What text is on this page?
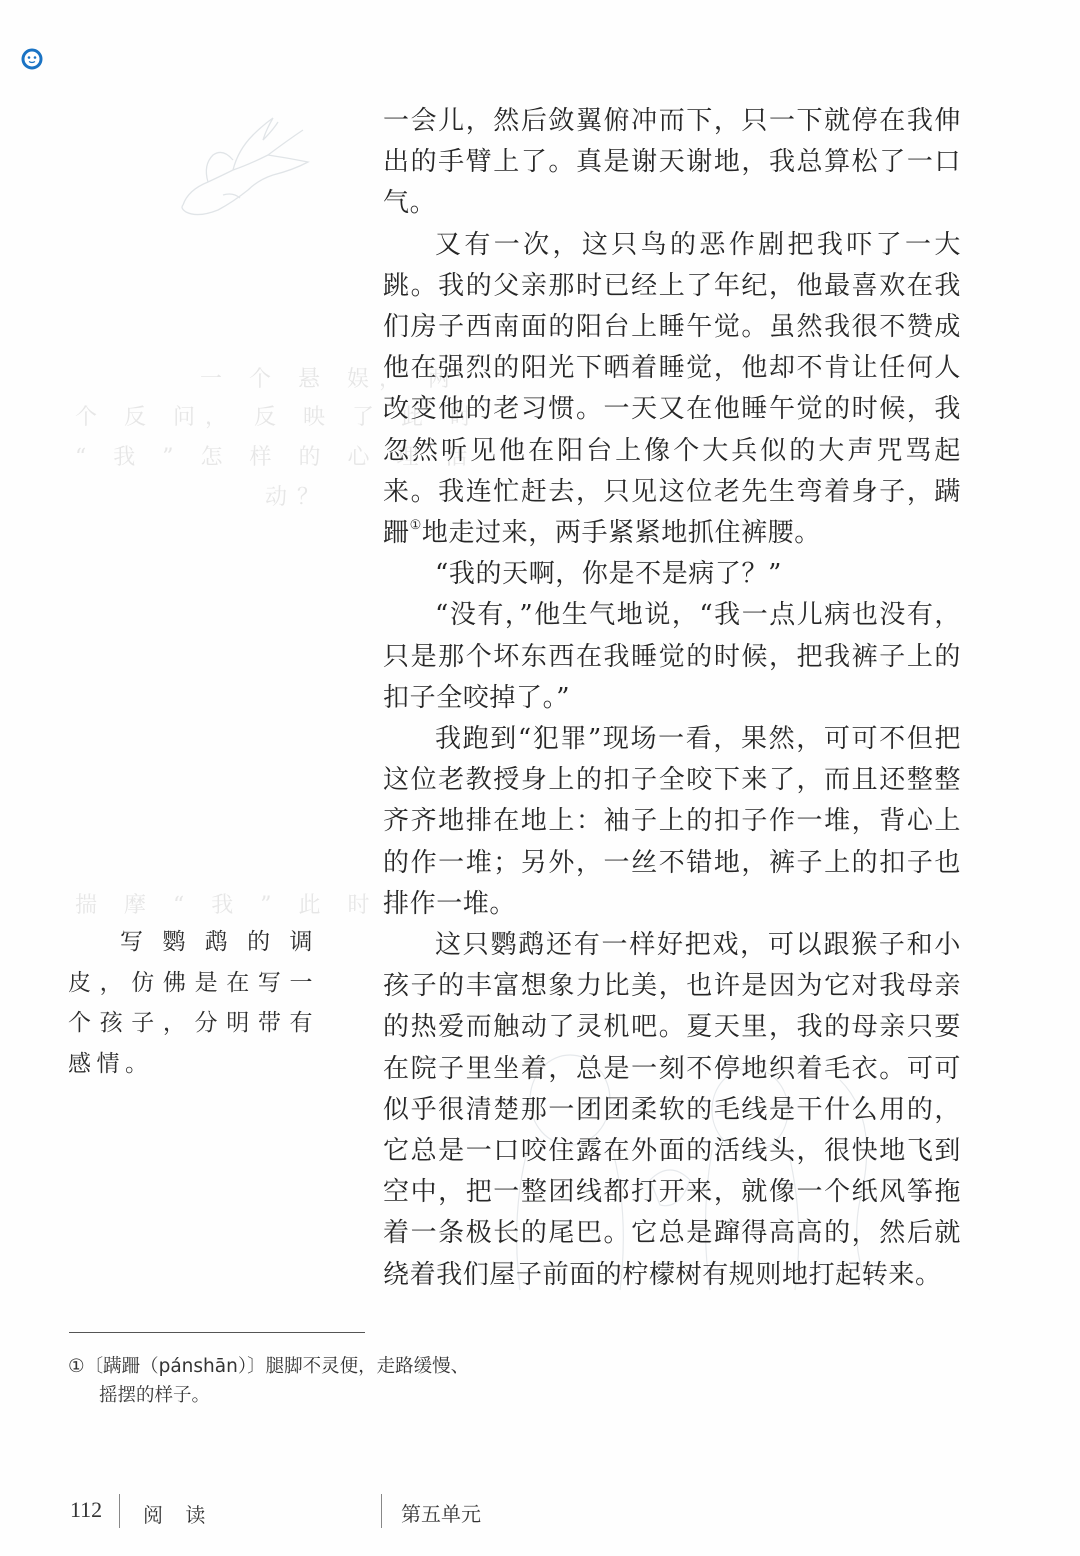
一 个 悬 娱， 两
个 反 问， 反 映 了 此 时
“ 我 ” 怎 样 的 心 理 活
动？
揣 摩 “ 我 ” 此 时

一会儿，然后敛翼俯冲而下，只一下就停在我伸出的手臂上了。真是谢天谢地，我总算松了一口气。

又有一次，这只鸟的恶作剧把我吓了一大跳。我的父亲那时已经上了年纪，他最喜欢在我们房子西南面的阳台上睡午觉。虽然我很不赞成他在强烈的阳光下晒着睡觉，他却不肯让任何人改变他的老习惯。一天又在他睡午觉的时候，我忽然听见他在阳台上像个大兵似的大声咒骂起来。我连忙赶去，只见这位老先生弯着身子，蹒跚①地走过来，两手紧紧地抓住裤腰。

“我的天啊，你是不是病了？”

“没有，”他生气地说，“我一点儿病也没有，只是那个坏东西在我睡觉的时候，把我裤子上的扣子全咬掉了。”

我跑到“犯罪”现场一看，果然，可可不但把这位老教授身上的扣子全咬下来了，而且还整整齐齐地排在地上：袖子上的扣子作一堆，背心上的作一堆；另外，一丝不错地，裤子上的扣子也排作一堆。

这只鹦鹉还有一样好把戏，可以跟猴子和小孩子的丰富想象力比美，也许是因为它对我母亲的热爱而触动了灵机吧。夏天里，我的母亲只要在院子里坐着，总是一刻不停地织着毛衣。可可似乎很清楚那一团团柔软的毛线是干什么用的，它总是一口咬住露在外面的活线头，很快地飞到空中，把一整团线都打开来，就像一个纸风筝拖着一条极长的尾巴。它总是蹿得高高的，然后就绕着我们屋子前面的柠檬树有规则地打起转来。

写鹦鹉的调皮，仿佛是在写一个孩子，分明带有感情。

①〔蹒跚（pánshān）〕腿脚不灵便，走路缓慢、
摇摆的样子。
112 阅 读	第五单元
